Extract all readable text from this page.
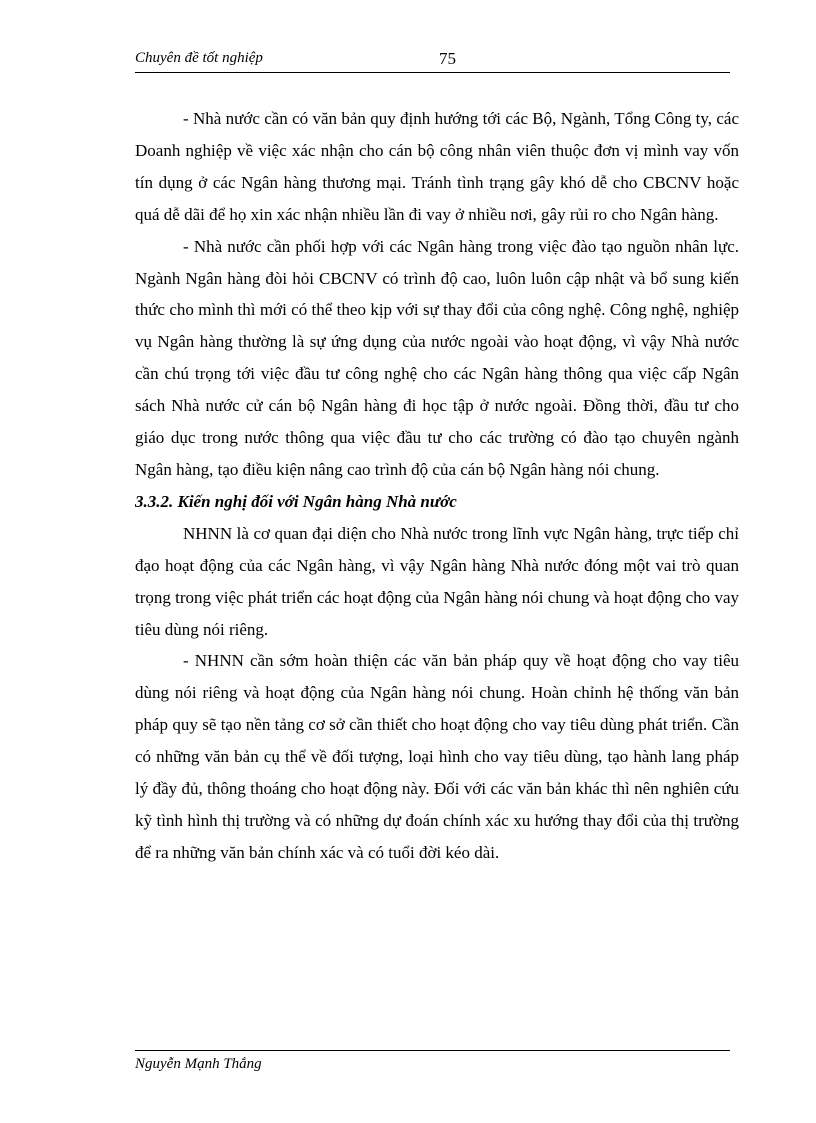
Chuyên đề tốt nghiệp	75

- Nhà nước cần có văn bản quy định hướng tới các Bộ, Ngành, Tổng Công ty, các Doanh nghiệp về việc xác nhận cho cán bộ công nhân viên thuộc đơn vị mình vay vốn tín dụng ở các Ngân hàng thương mại. Tránh tình trạng gây khó dễ cho CBCNV hoặc quá dễ dãi để họ xin xác nhận nhiều lần đi vay ở nhiều nơi, gây rủi ro cho Ngân hàng.

- Nhà nước cần phối hợp với các Ngân hàng trong việc đào tạo nguồn nhân lực. Ngành Ngân hàng đòi hỏi CBCNV có trình độ cao, luôn luôn cập nhật và bổ sung kiến thức cho mình thì mới có thể theo kịp với sự thay đổi của công nghệ. Công nghệ, nghiệp vụ Ngân hàng thường là sự ứng dụng của nước ngoài vào hoạt động, vì vậy Nhà nước cần chú trọng tới việc đầu tư công nghệ cho các Ngân hàng thông qua việc cấp Ngân sách Nhà nước cử cán bộ Ngân hàng đi học tập ở nước ngoài. Đồng thời, đầu tư cho giáo dục trong nước thông qua việc đầu tư cho các trường có đào tạo chuyên ngành Ngân hàng, tạo điều kiện nâng cao trình độ của cán bộ Ngân hàng nói chung.

3.3.2. Kiến nghị đối với Ngân hàng Nhà nước

NHNN là cơ quan đại diện cho Nhà nước trong lĩnh vực Ngân hàng, trực tiếp chỉ đạo hoạt động của các Ngân hàng, vì vậy Ngân hàng Nhà nước đóng một vai trò quan trọng trong việc phát triển các hoạt động của Ngân hàng nói chung và hoạt động cho vay tiêu dùng nói riêng.

- NHNN cần sớm hoàn thiện các văn bản pháp quy về hoạt động cho vay tiêu dùng nói riêng và hoạt động của Ngân hàng nói chung. Hoàn chỉnh hệ thống văn bản pháp quy sẽ tạo nền tảng cơ sở cần thiết cho hoạt động cho vay tiêu dùng phát triển. Cần có những văn bản cụ thể về đối tượng, loại hình cho vay tiêu dùng, tạo hành lang pháp lý đầy đủ, thông thoáng cho hoạt động này. Đối với các văn bản khác thì nên nghiên cứu kỹ tình hình thị trường và có những dự đoán chính xác xu hướng thay đổi của thị trường để ra những văn bản chính xác và có tuổi đời kéo dài.

Nguyễn Mạnh Thắng
